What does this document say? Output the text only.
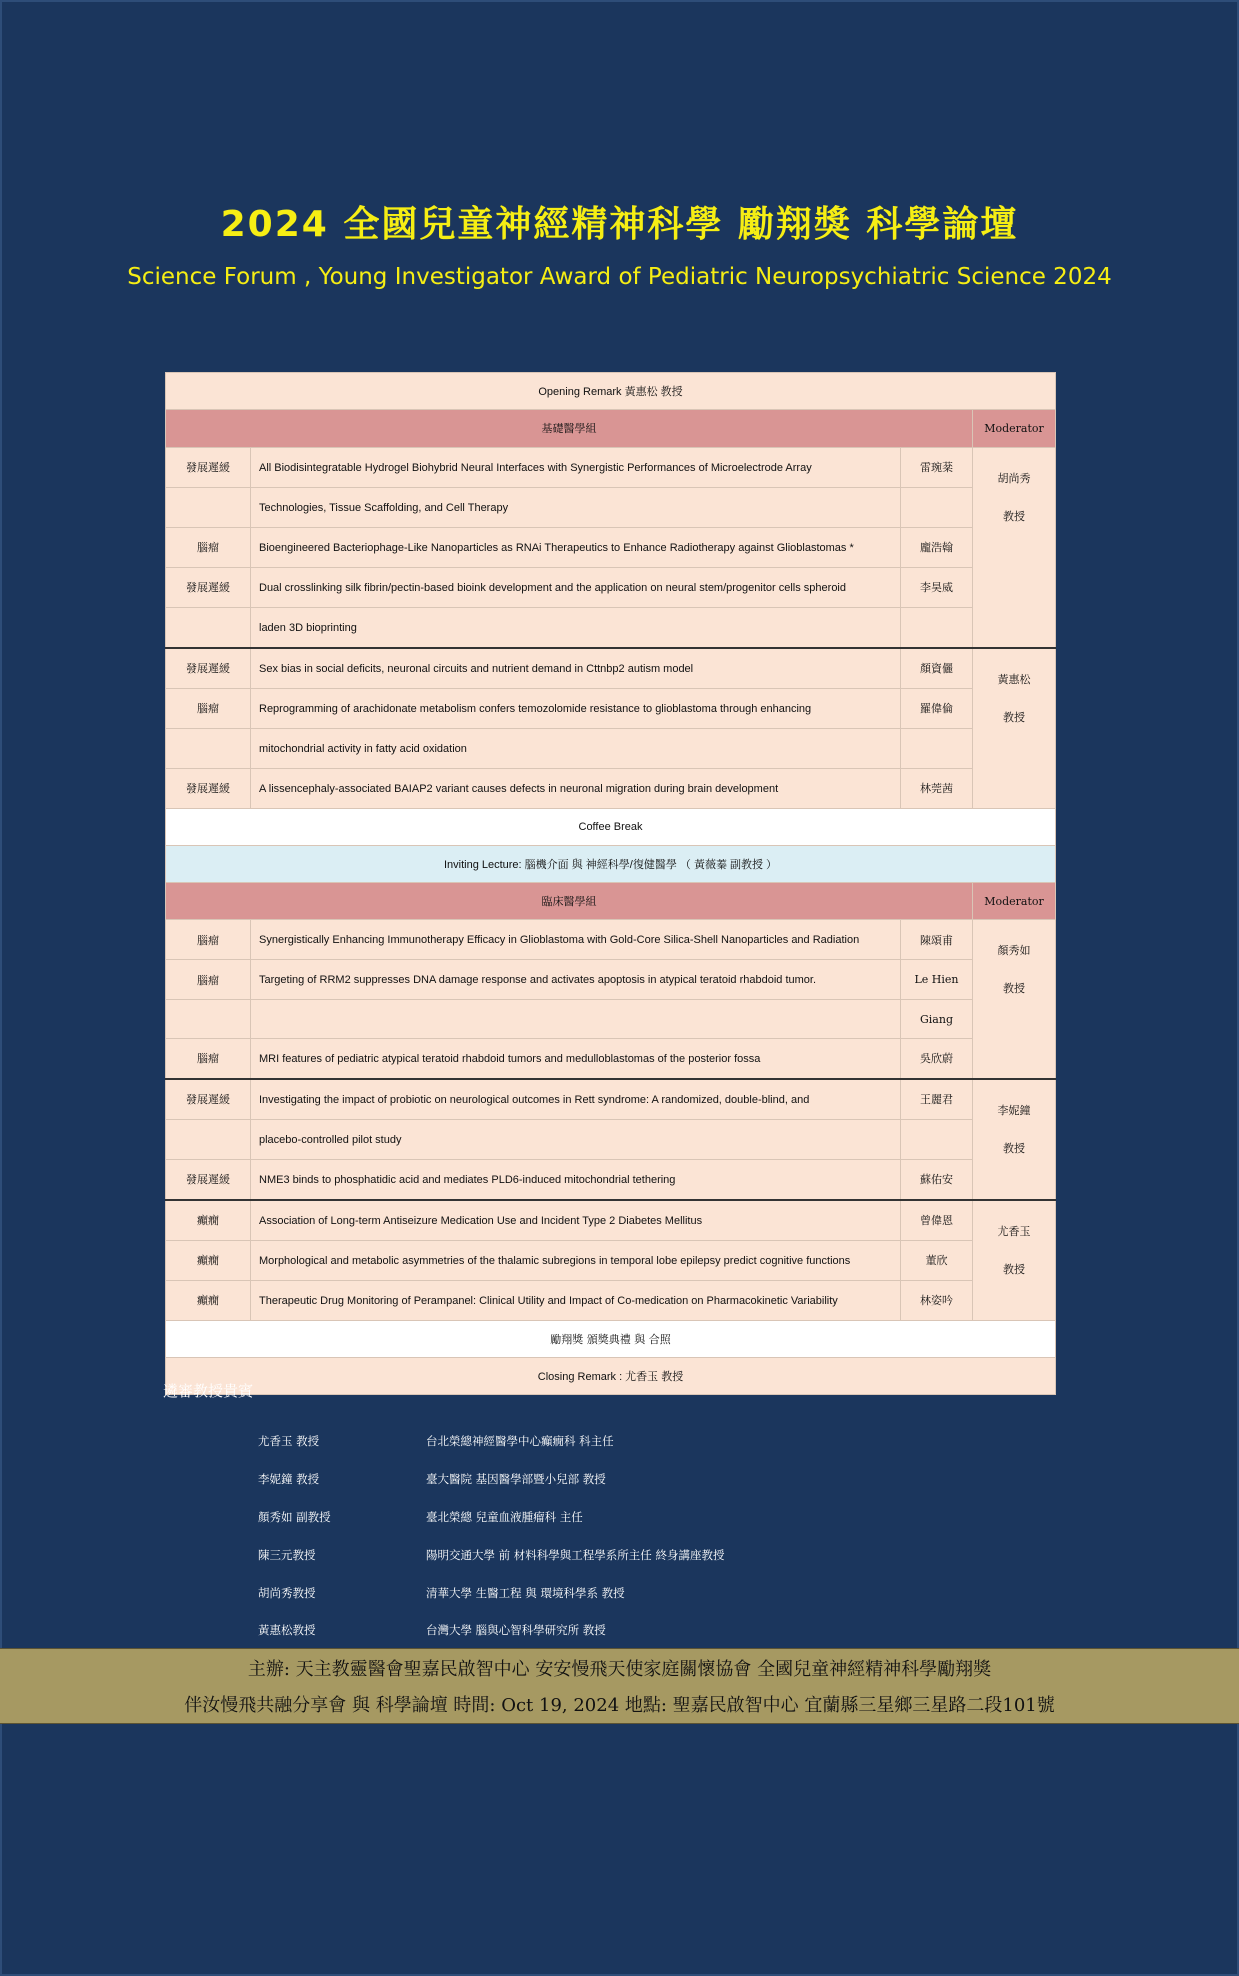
2024 全國兒童神經精神科學 勵翔獎 科學論壇
Science Forum , Young Investigator Award of Pediatric Neuropsychiatric Science 2024
Opening Remark 黃惠松 教授			
基礎醫學組			Moderator
發展遲緩	All Biodisintegratable Hydrogel Biohybrid Neural Interfaces with Synergistic Performances of Microelectrode Array	雷琬棻	胡尚秀
教授

	Technologies, Tissue Scaffolding, and Cell Therapy		
腦瘤	Bioengineered Bacteriophage-Like Nanoparticles as RNAi Therapeutics to Enhance Radiotherapy against Glioblastomas *	龐浩翰	
發展遲緩	Dual crosslinking silk fibrin/pectin-based bioink development and the application on neural stem/progenitor cells spheroid	李昊威	
	laden 3D bioprinting		
發展遲緩	Sex bias in social deficits, neuronal circuits and nutrient demand in Cttnbp2 autism model	顏資儷	黃惠松
教授

腦瘤	Reprogramming of arachidonate metabolism confers temozolomide resistance to glioblastoma through enhancing	羅偉倫	
	mitochondrial activity in fatty acid oxidation		
發展遲緩	A lissencephaly-associated BAIAP2 variant causes defects in neuronal migration during brain development	林莞茜	
Coffee Break			
Inviting Lecture: 腦機介面 與 神經科學/復健醫學 （ 黃薇蓁 副教授 ）			
臨床醫學組			Moderator
腦瘤	Synergistically Enhancing Immunotherapy Efficacy in Glioblastoma with Gold-Core Silica-Shell Nanoparticles and Radiation	陳頌甫	顏秀如
教授

腦瘤	Targeting of RRM2 suppresses DNA damage response and activates apoptosis in atypical teratoid rhabdoid tumor.	Le Hien	
		Giang	
腦瘤	MRI features of pediatric atypical teratoid rhabdoid tumors and medulloblastomas of the posterior fossa	吳欣蔚	
發展遲緩	Investigating the impact of probiotic on neurological outcomes in Rett syndrome: A randomized, double-blind, and	王麗君	李妮鐘
教授

	placebo-controlled pilot study		
發展遲緩	NME3 binds to phosphatidic acid and mediates PLD6-induced mitochondrial tethering	蘇佑安	
癲癇	Association of Long-term Antiseizure Medication Use and Incident Type 2 Diabetes Mellitus	曾偉恩	尤香玉
教授

癲癇	Morphological and metabolic asymmetries of the thalamic subregions in temporal lobe epilepsy predict cognitive functions	董欣	
癲癇	Therapeutic Drug Monitoring of Perampanel: Clinical Utility and Impact of Co-medication on Pharmacokinetic Variability	林姿吟	
勵翔獎 頒獎典禮 與 合照			
Closing Remark : 尤香玉 教授			
遴審教授貴賓
尤香玉 教授	台北榮總神經醫學中心癲癇科 科主任
李妮鐘 教授	臺大醫院 基因醫學部暨小兒部 教授
顏秀如 副教授	臺北榮總 兒童血液腫瘤科 主任
陳三元教授	陽明交通大學 前 材料科學與工程學系所主任 終身講座教授
胡尚秀教授	清華大學 生醫工程 與 環境科學系 教授
黃惠松教授	台灣大學 腦與心智科學研究所 教授
主辦: 天主教靈醫會聖嘉民啟智中心 安安慢飛天使家庭關懷協會 全國兒童神經精神科學勵翔獎
伴汝慢飛共融分享會 與 科學論壇 時間: Oct 19, 2024 地點: 聖嘉民啟智中心 宜蘭縣三星鄉三星路二段101號
